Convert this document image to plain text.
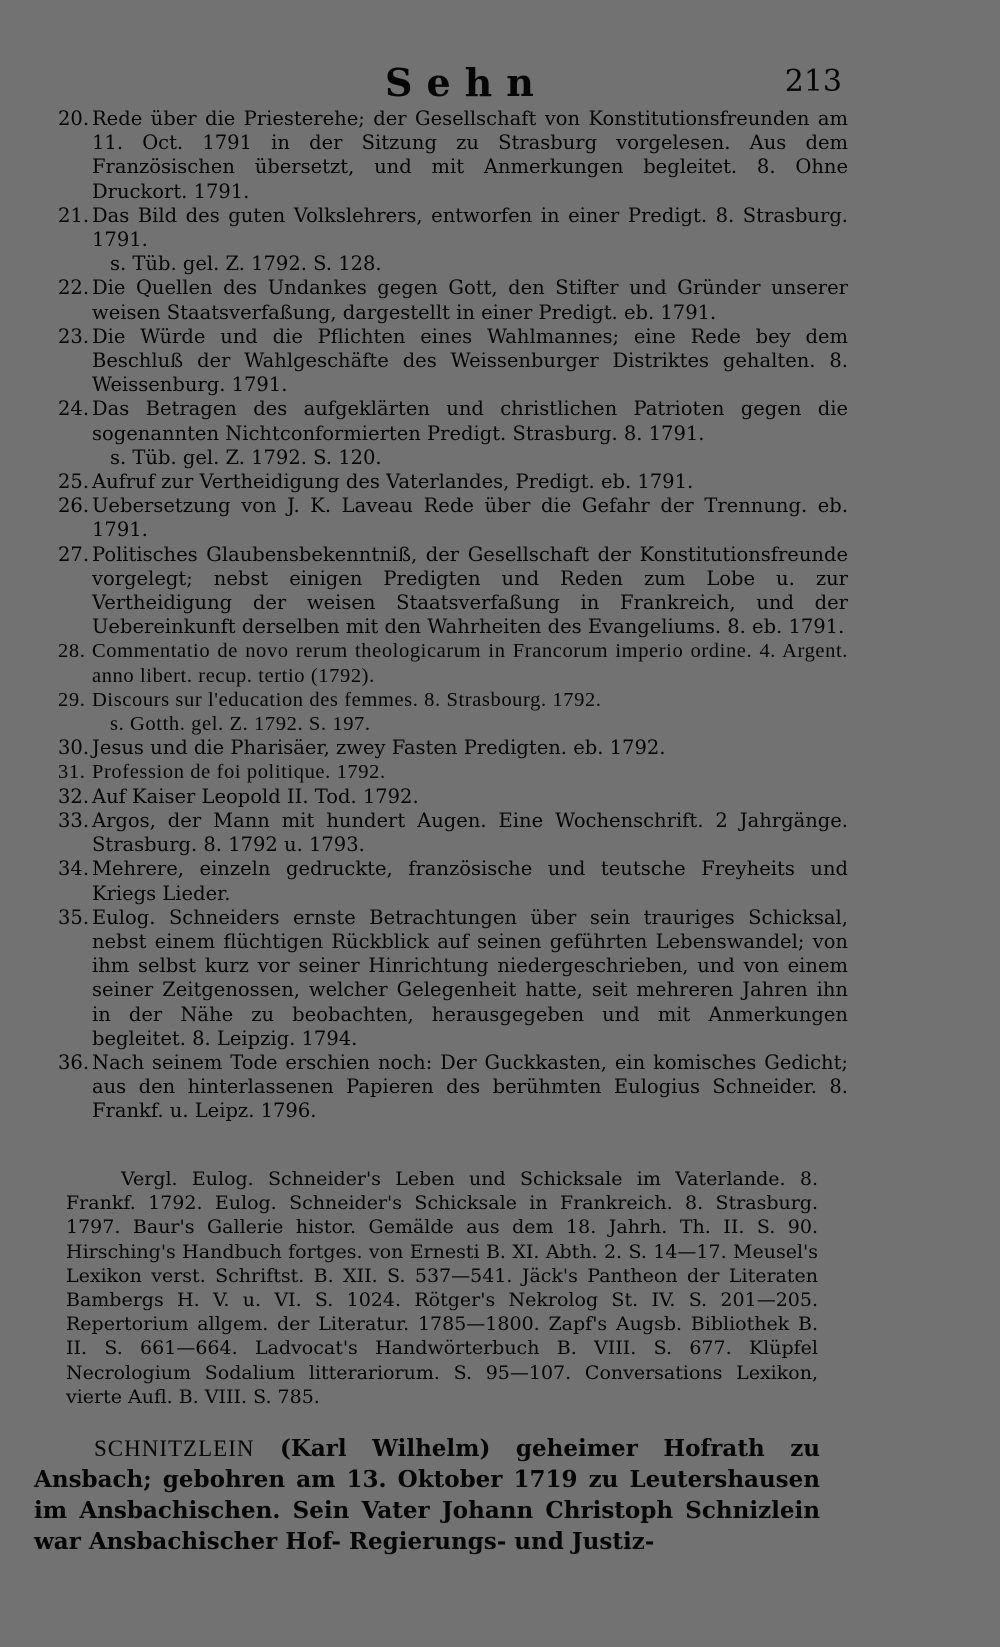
Sehn	213

20. Rede über die Priesterehe; der Gesellschaft von Konstitutionsfreunden am 11. Oct. 1791 in der Sitzung zu Strasburg vorgelesen. Aus dem Französischen übersetzt, und mit Anmerkungen begleitet. 8. Ohne Druckort. 1791.

21. Das Bild des guten Volkslehrers, entworfen in einer Predigt. 8. Strasburg. 1791.
s. Tüb. gel. Z. 1792. S. 128.

22. Die Quellen des Undankes gegen Gott, den Stifter und Gründer unserer weisen Staatsverfaßung, dargestellt in einer Predigt. eb. 1791.

23. Die Würde und die Pflichten eines Wahlmannes; eine Rede bey dem Beschluß der Wahlgeschäfte des Weissenburger Distriktes gehalten. 8. Weissenburg. 1791.

24. Das Betragen des aufgeklärten und christlichen Patrioten gegen die sogenannten Nichtconformierten Predigt. Strasburg. 8. 1791.
s. Tüb. gel. Z. 1792. S. 120.

25. Aufruf zur Vertheidigung des Vaterlandes, Predigt. eb. 1791.

26. Uebersetzung von J. K. Laveau Rede über die Gefahr der Trennung. eb. 1791.

27. Politisches Glaubensbekenntniß, der Gesellschaft der Konstitutionsfreunde vorgelegt; nebst einigen Predigten und Reden zum Lobe u. zur Vertheidigung der weisen Staatsverfaßung in Frankreich, und der Uebereinkunft derselben mit den Wahrheiten des Evangeliums. 8. eb. 1791.

28. Commentatio de novo rerum theologicarum in Francorum imperio ordine. 4. Argent. anno libert. recup. tertio (1792).

29. Discours sur l'education des femmes. 8. Strasbourg. 1792.
s. Gotth. gel. Z. 1792. S. 197.

30. Jesus und die Pharisäer, zwey Fasten Predigten. eb. 1792.

31. Profession de foi politique. 1792.

32. Auf Kaiser Leopold II. Tod. 1792.

33. Argos, der Mann mit hundert Augen. Eine Wochenschrift. 2 Jahrgänge. Strasburg. 8. 1792 u. 1793.

34. Mehrere, einzeln gedruckte, französische und teutsche Freyheits und Kriegs Lieder.

35. Eulog. Schneiders ernste Betrachtungen über sein trauriges Schicksal, nebst einem flüchtigen Rückblick auf seinen geführten Lebenswandel; von ihm selbst kurz vor seiner Hinrichtung niedergeschrieben, und von einem seiner Zeitgenossen, welcher Gelegenheit hatte, seit mehreren Jahren ihn in der Nähe zu beobachten, herausgegeben und mit Anmerkungen begleitet. 8. Leipzig. 1794.

36. Nach seinem Tode erschien noch: Der Guckkasten, ein komisches Gedicht; aus den hinterlassenen Papieren des berühmten Eulogius Schneider. 8. Frankf. u. Leipz. 1796.

Vergl. Eulog. Schneider's Leben und Schicksale im Vaterlande. 8. Frankf. 1792. Eulog. Schneider's Schicksale in Frankreich. 8. Strasburg. 1797. Baur's Gallerie histor. Gemälde aus dem 18. Jahrh. Th. II. S. 90. Hirsching's Handbuch fortges. von Ernesti B. XI. Abth. 2. S. 14—17. Meusel's Lexikon verst. Schriftst. B. XII. S. 537—541. Jäck's Pantheon der Literaten Bambergs H. V. u. VI. S. 1024. Rötger's Nekrolog St. IV. S. 201—205. Repertorium allgem. der Literatur. 1785—1800. Zapf's Augsb. Bibliothek B. II. S. 661—664. Ladvocat's Handwörterbuch B. VIII. S. 677. Klüpfel Necrologium Sodalium litterariorum. S. 95—107. Conversations Lexikon, vierte Aufl. B. VIII. S. 785.

SCHNITZLEIN (Karl Wilhelm) geheimer Hofrath zu Ansbach; gebohren am 13. Oktober 1719 zu Leutershausen im Ansbachischen. Sein Vater Johann Christoph Schnizlein war Ansbachischer Hof- Regierungs- und Justiz-
